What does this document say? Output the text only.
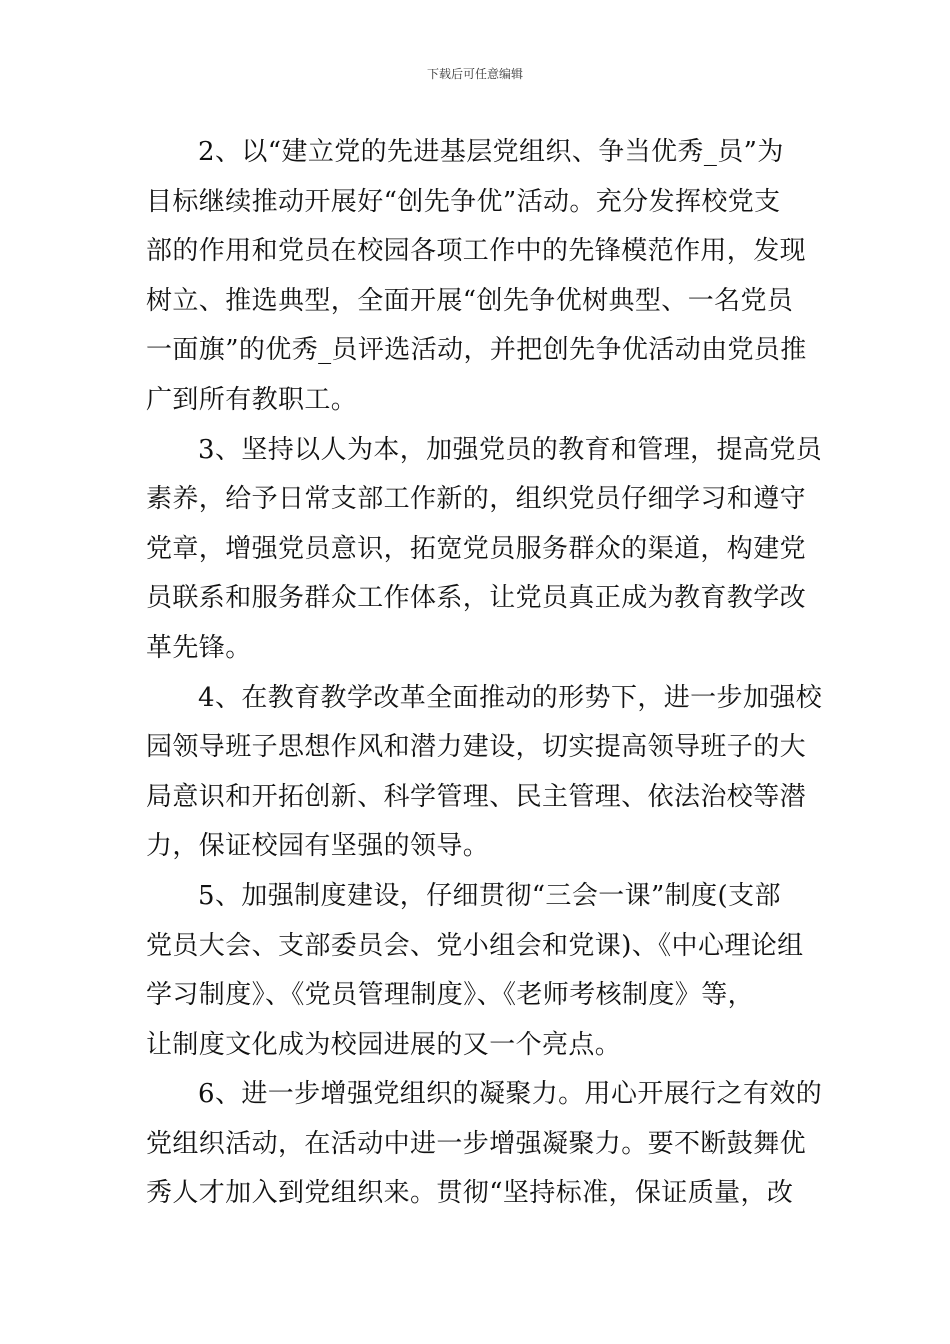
下载后可任意编辑
2、以“建立党的先进基层党组织、争当优秀_员”为
目标继续推动开展好“创先争优”活动。充分发挥校党支
部的作用和党员在校园各项工作中的先锋模范作用，发现
树立、推选典型，全面开展“创先争优树典型、一名党员
一面旗”的优秀_员评选活动，并把创先争优活动由党员推
广到所有教职工。
3、坚持以人为本，加强党员的教育和管理，提高党员
素养，给予日常支部工作新的，组织党员仔细学习和遵守
党章，增强党员意识，拓宽党员服务群众的渠道，构建党
员联系和服务群众工作体系，让党员真正成为教育教学改
革先锋。
4、在教育教学改革全面推动的形势下，进一步加强校
园领导班子思想作风和潜力建设，切实提高领导班子的大
局意识和开拓创新、科学管理、民主管理、依法治校等潜
力，保证校园有坚强的领导。
5、加强制度建设，仔细贯彻“三会一课”制度(支部
党员大会、支部委员会、党小组会和党课)、《中心理论组
学习制度》、《党员管理制度》、《老师考核制度》等，
让制度文化成为校园进展的又一个亮点。
6、进一步增强党组织的凝聚力。用心开展行之有效的
党组织活动，在活动中进一步增强凝聚力。要不断鼓舞优
秀人才加入到党组织来。贯彻“坚持标准，保证质量，改
